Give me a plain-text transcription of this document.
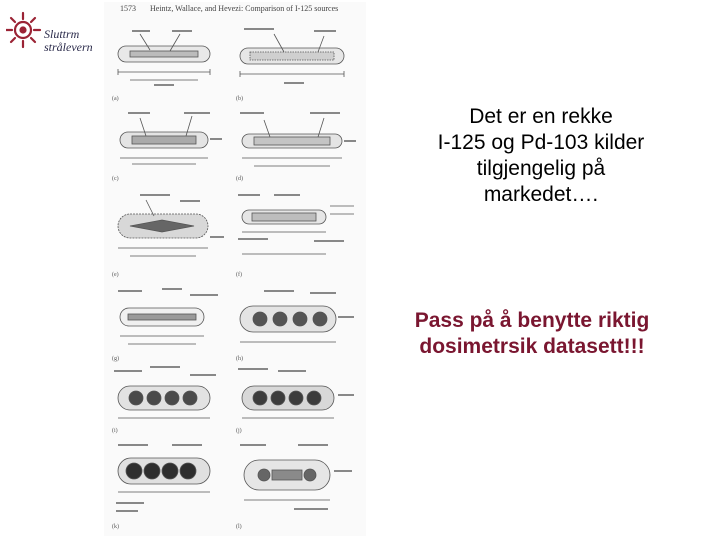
Sluttrm
strålevern
1573 Heintz, Wallace, and Hevezi: Comparison of I-125 sources
(a)	(b)
(c)	(d)
(e)	(f)
(g)	(h)
(i)	(j)
(k)	(l)
Det er en rekke
I-125 og Pd-103 kilder
tilgjengelig på
markedet….
Pass på å benytte riktig
dosimetrsik datasett!!!
